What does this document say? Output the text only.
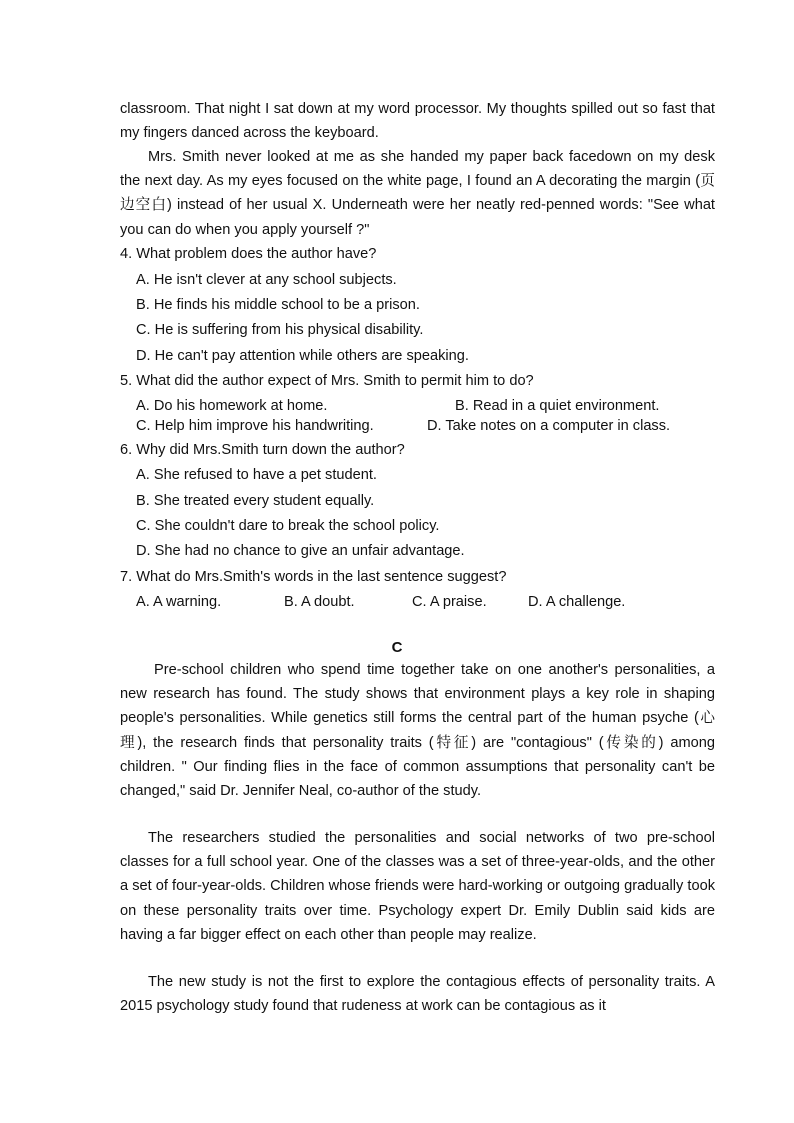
classroom. That night I sat down at my word processor. My thoughts spilled out so fast that my fingers danced across the keyboard.

Mrs. Smith never looked at me as she handed my paper back facedown on my desk the next day. As my eyes focused on the white page, I found an A decorating the margin (页边空白) instead of her usual X. Underneath were her neatly red-penned words: "See what you can do when you apply yourself ?"

4. What problem does the author have?
A. He isn't clever at any school subjects.
B. He finds his middle school to be a prison.
C. He is suffering from his physical disability.
D. He can't pay attention while others are speaking.
5. What did the author expect of Mrs. Smith to permit him to do?
A. Do his homework at home.	B. Read in a quiet environment.
C. Help him improve his handwriting.	D. Take notes on a computer in class.
6. Why did Mrs.Smith turn down the author?
A. She refused to have a pet student.
B. She treated every student equally.
C. She couldn't dare to break the school policy.
D. She had no chance to give an unfair advantage.
7. What do Mrs.Smith's words in the last sentence suggest?
A. A warning.	B. A doubt.	C. A praise.	D. A challenge.
C

Pre-school children who spend time together take on one another's personalities, a new research has found. The study shows that environment plays a key role in shaping people's personalities. While genetics still forms the central part of the human psyche (心理), the research finds that personality traits (特征) are "contagious" (传染的) among children. " Our finding flies in the face of common assumptions that personality can't be changed," said Dr. Jennifer Neal, co-author of the study.

The researchers studied the personalities and social networks of two pre-school classes for a full school year. One of the classes was a set of three-year-olds, and the other a set of four-year-olds. Children whose friends were hard-working or outgoing gradually took on these personality traits over time. Psychology expert Dr. Emily Dublin said kids are having a far bigger effect on each other than people may realize.

The new study is not the first to explore the contagious effects of personality traits. A 2015 psychology study found that rudeness at work can be contagious as it
